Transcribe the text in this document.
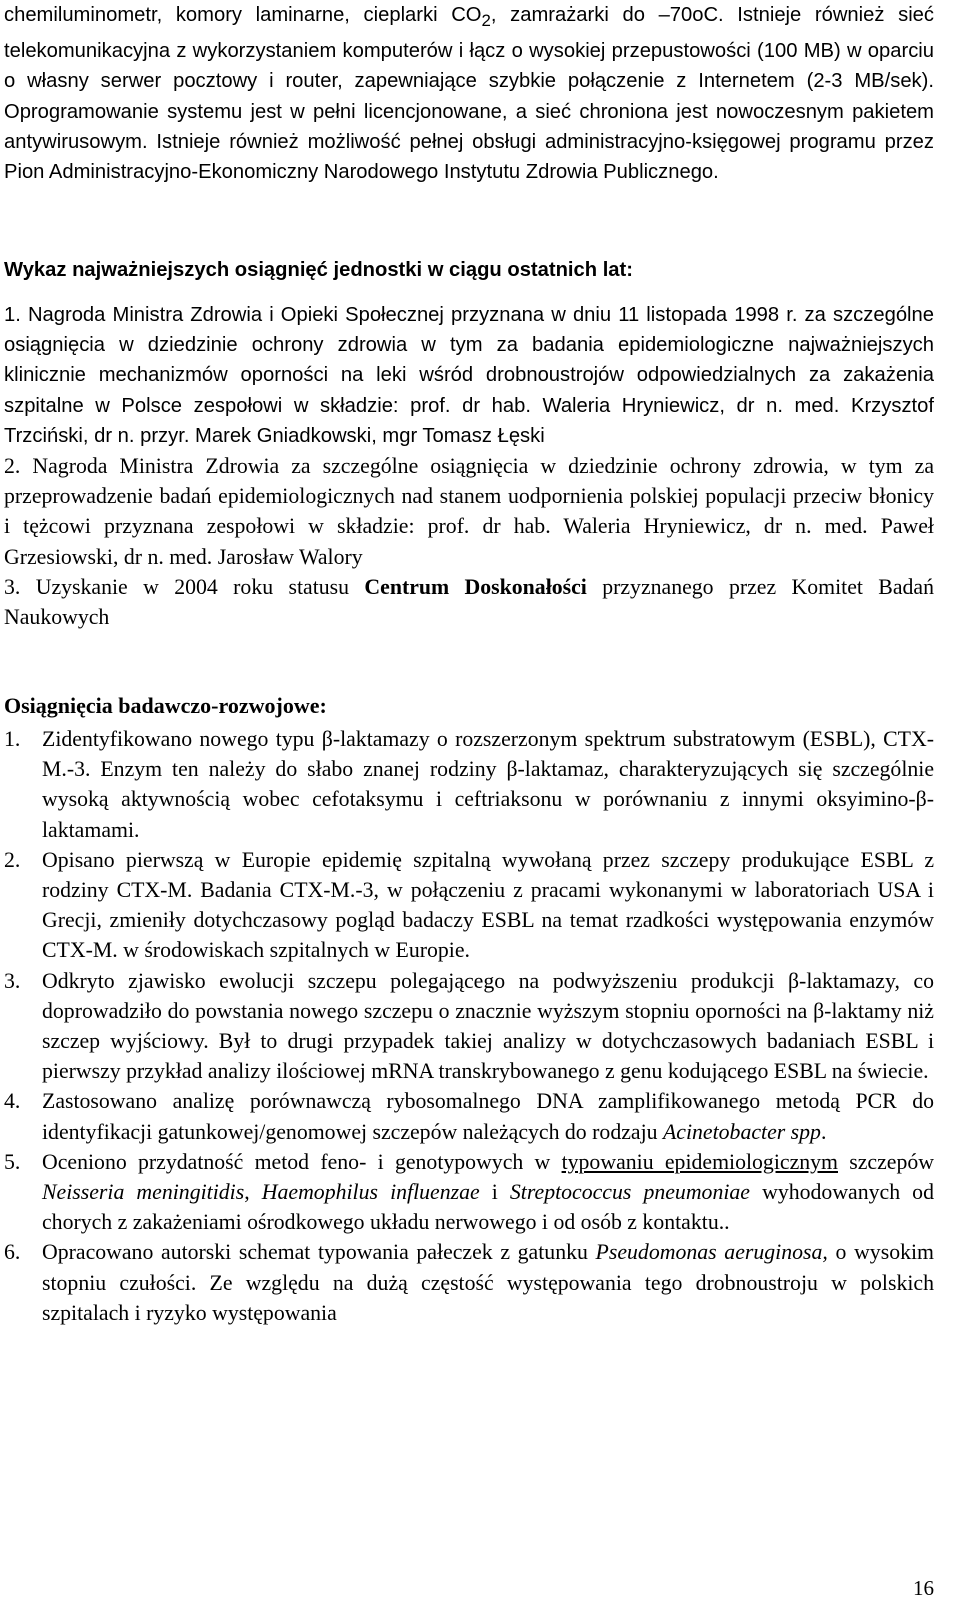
chemiluminometr, komory laminarne, cieplarki $CO_2$, zamrażarki do –70oC. Istnieje również sieć telekomunikacyjna z wykorzystaniem komputerów i łącz o wysokiej przepustowości (100 MB) w oparciu o własny serwer pocztowy i router, zapewniające szybkie połączenie z Internetem (2-3 MB/sek). Oprogramowanie systemu jest w pełni licencjonowane, a sieć chroniona jest nowoczesnym pakietem antywirusowym. Istnieje również możliwość pełnej obsługi administracyjno-księgowej programu przez Pion Administracyjno-Ekonomiczny Narodowego Instytutu Zdrowia Publicznego.

Wykaz najważniejszych osiągnięć jednostki w ciągu ostatnich lat:

1. Nagroda Ministra Zdrowia i Opieki Społecznej przyznana w dniu 11 listopada 1998 r. za szczególne osiągnięcia w dziedzinie ochrony zdrowia w tym za badania epidemiologiczne najważniejszych klinicznie mechanizmów oporności na leki wśród drobnoustrojów odpowiedzialnych za zakażenia szpitalne w Polsce zespołowi w składzie: prof. dr hab. Waleria Hryniewicz, dr n. med. Krzysztof Trzciński, dr n. przyr. Marek Gniadkowski, mgr Tomasz Łęski
2. Nagroda Ministra Zdrowia za szczególne osiągnięcia w dziedzinie ochrony zdrowia, w tym za przeprowadzenie badań epidemiologicznych nad stanem uodpornienia polskiej populacji przeciw błonicy i tężcowi przyznana zespołowi w składzie: prof. dr hab. Waleria Hryniewicz, dr n. med. Paweł Grzesiowski, dr n. med. Jarosław Walory
3. Uzyskanie w 2004 roku statusu Centrum Doskonałości przyznanego przez Komitet Badań Naukowych

Osiągnięcia badawczo-rozwojowe:

1. Zidentyfikowano nowego typu β-laktamazy o rozszerzonym spektrum substratowym (ESBL), CTX-M.-3. Enzym ten należy do słabo znanej rodziny β-laktamaz, charakteryzujących się szczególnie wysoką aktywnością wobec cefotaksymu i ceftriaksonu w porównaniu z innymi oksyimino-β-laktamami.
2. Opisano pierwszą w Europie epidemię szpitalną wywołaną przez szczepy produkujące ESBL z rodziny CTX-M. Badania CTX-M.-3, w połączeniu z pracami wykonanymi w laboratoriach USA i Grecji, zmieniły dotychczasowy pogląd badaczy ESBL na temat rzadkości występowania enzymów CTX-M. w środowiskach szpitalnych w Europie.
3. Odkryto zjawisko ewolucji szczepu polegającego na podwyższeniu produkcji β-laktamazy, co doprowadziło do powstania nowego szczepu o znacznie wyższym stopniu oporności na β-laktamy niż szczep wyjściowy. Był to drugi przypadek takiej analizy w dotychczasowych badaniach ESBL i pierwszy przykład analizy ilościowej mRNA transkrybowanego z genu kodującego ESBL na świecie.
4. Zastosowano analizę porównawczą rybosomalnego DNA zamplifikowanego metodą PCR do identyfikacji gatunkowej/genomowej szczepów należących do rodzaju Acinetobacter spp.
5. Oceniono przydatność metod feno- i genotypowych w typowaniu epidemiologicznym szczepów Neisseria meningitidis, Haemophilus influenzae i Streptococcus pneumoniae wyhodowanych od chorych z zakażeniami ośrodkowego układu nerwowego i od osób z kontaktu..
6. Opracowano autorski schemat typowania pałeczek z gatunku Pseudomonas aeruginosa, o wysokim stopniu czułości. Ze względu na dużą częstość występowania tego drobnoustroju w polskich szpitalach i ryzyko występowania
16
